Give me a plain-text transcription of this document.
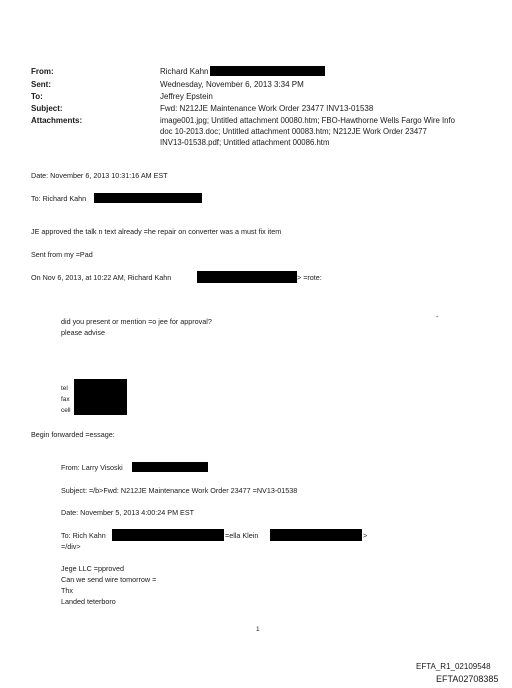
From:	Richard Kahn
Sent:	Wednesday, November 6, 2013 3:34 PM
To:	Jeffrey Epstein
Subject:	Fwd: N212JE Maintenance Work Order 23477 INV13-01538
Attachments:	image001.jpg; Untitled attachment 00080.htm; FBO-Hawthorne Wells Fargo Wire Info
doc 10-2013.doc; Untitled attachment 00083.htm; N212JE Work Order 23477
INV13-01538.pdf; Untitled attachment 00086.htm
Date: November 6, 2013 10:31:16 AM EST
To: Richard Kahn
JE approved the talk n text already =he repair on converter was a must fix item
Sent from my =Pad
On Nov 6, 2013, at 10:22 AM, Richard Kahn	> =rote:
did you present or mention =o jee for approval?
please advise
-
tel
fax
cell
Begin forwarded =essage:
From: Larry Visoski
Subject: =/b>Fwd: N212JE Maintenance Work Order 23477 =NV13-01538
Date: November 5, 2013 4:00:24 PM EST
To: Rich Kahn	=ella Klein	>
=/div>
Jege LLC =pproved
Can we send wire tomorrow =
Thx
Landed teterboro
1
EFTA_R1_02109548
EFTA02708385
